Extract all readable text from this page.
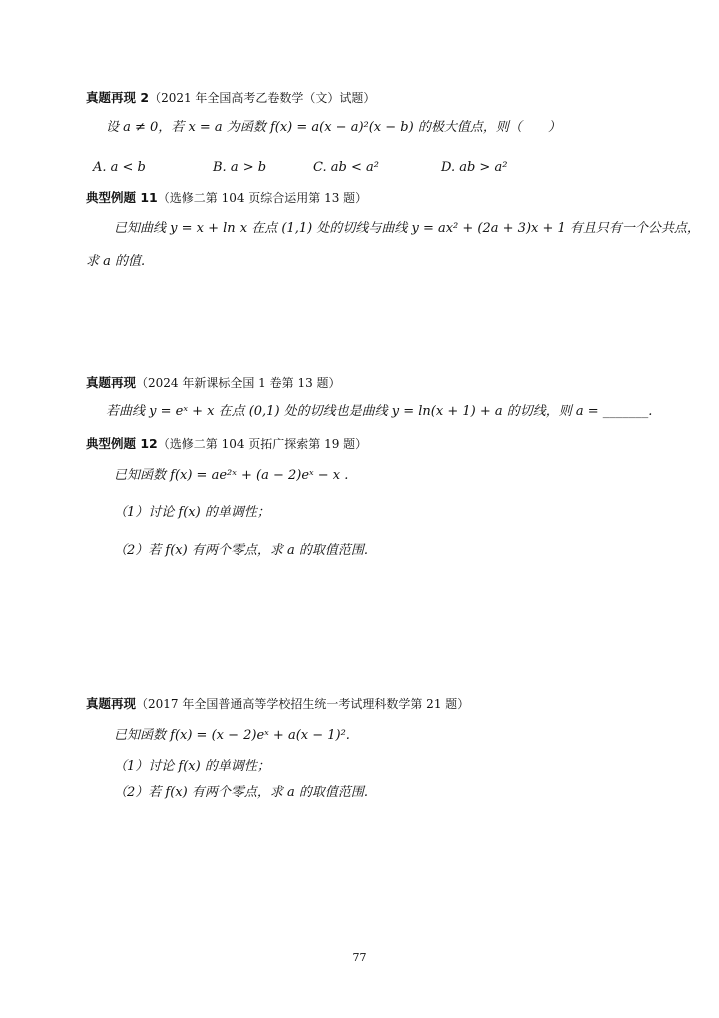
真题再现 2（2021 年全国高考乙卷数学（文）试题）
设 a ≠ 0，若 x = a 为函数 f(x) = a(x − a)²(x − b) 的极大值点，则（　　）
A. a < b	B. a > b	C. ab < a²	D. ab > a²
典型例题 11（选修二第 104 页综合运用第 13 题）
已知曲线 y = x + ln x 在点 (1,1) 处的切线与曲线 y = ax² + (2a + 3)x + 1 有且只有一个公共点，
求 a 的值.
真题再现（2024 年新课标全国 1 卷第 13 题）
若曲线 y = eˣ + x 在点 (0,1) 处的切线也是曲线 y = ln(x + 1) + a 的切线，则 a = _______.
典型例题 12（选修二第 104 页拓广探索第 19 题）
已知函数 f(x) = ae²ˣ + (a − 2)eˣ − x .
（1）讨论 f(x) 的单调性；
（2）若 f(x) 有两个零点，求 a 的取值范围.
真题再现（2017 年全国普通高等学校招生统一考试理科数学第 21 题）
已知函数 f(x) = (x − 2)eˣ + a(x − 1)².
（1）讨论 f(x) 的单调性；
（2）若 f(x) 有两个零点，求 a 的取值范围.
77
